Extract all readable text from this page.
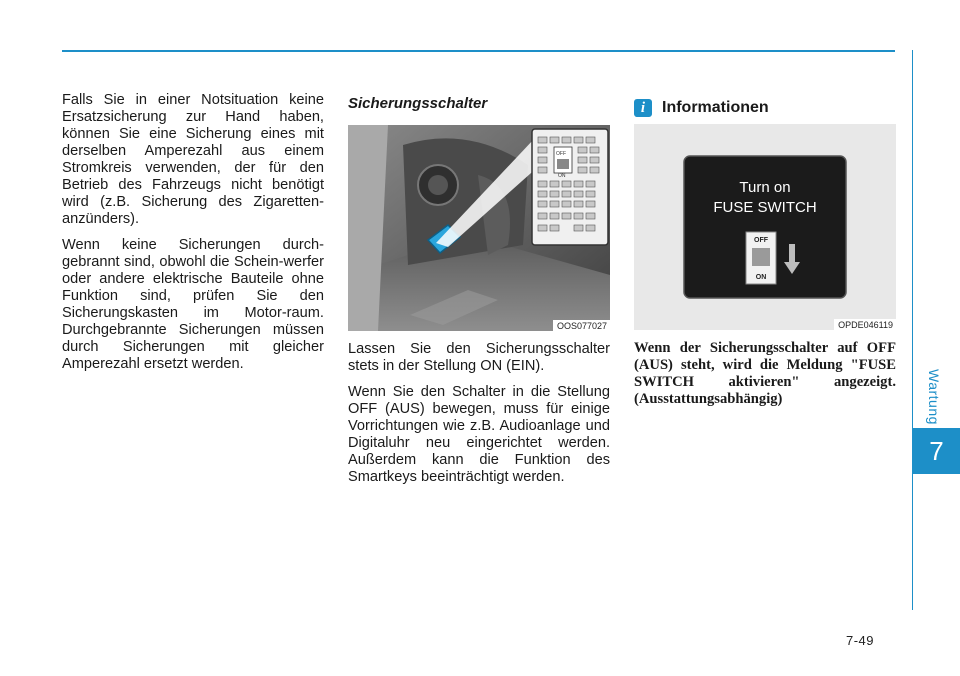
Wartung
7
7-49

Falls Sie in einer Notsituation keine Ersatzsicherung zur Hand haben, können Sie eine Sicherung eines mit derselben Amperezahl aus einem Stromkreis verwenden, der für den Betrieb des Fahrzeugs nicht benötigt wird (z.B. Sicherung des Zigaretten-anzünders).

Wenn keine Sicherungen durch-gebrannt sind, obwohl die Schein-werfer oder andere elektrische Bauteile ohne Funktion sind, prüfen Sie den Sicherungskasten im Motor-raum. Durchgebrannte Sicherungen müssen durch Sicherungen mit gleicher Amperezahl ersetzt werden.

Sicherungsschalter
OFF
ON
OOS077027

Lassen Sie den Sicherungsschalter stets in der Stellung ON (EIN).

Wenn Sie den Schalter in die Stellung OFF (AUS) bewegen, muss für einige Vorrichtungen wie z.B. Audioanlage und Digitaluhr neu eingerichtet werden. Außerdem kann die Funktion des Smartkeys beeinträchtigt werden.

i	Informationen
Turn on
FUSE SWITCH
OFF
ON
OPDE046119

Wenn der Sicherungsschalter auf OFF (AUS) steht, wird die Meldung "FUSE SWITCH aktivieren" angezeigt. (Ausstattungsabhängig)
